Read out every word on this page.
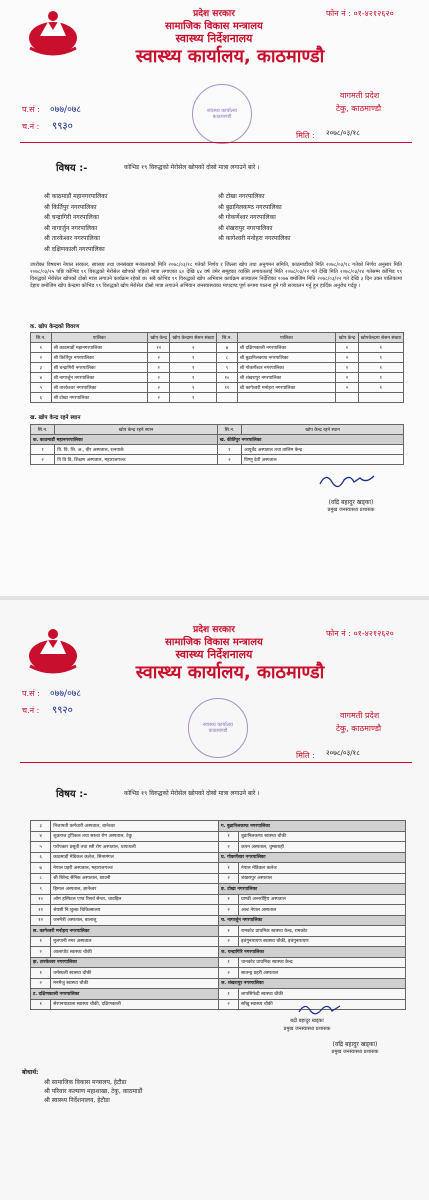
प्रदेश सरकार
सामाजिक विकास मन्त्रालय
स्वास्थ्य निर्देशनालय
स्वास्थ्य कार्यालय, काठमाण्डौ
फोन नं : ०१-४२१२६२०
वागमती प्रदेश
टेकु, काठमाण्डौ
प.सं : ०७७/०७८
च.नं : ९९३०
स्वास्थ्य कार्यालय
काठमाण्डौ
मिति : २०७८/०३/१८
विषय :-	कोभिड १९ विरुद्धको मेरोसेल खोपको दोस्रो मात्रा लगाउने बारे ।
श्री काठमाडौं महानगरपालिका
श्री किर्तिपुर नगरपालिका
श्री चन्द्रागिरी नगरपालिका
श्री नागार्जुन नगरपालिका
श्री तारकेश्वर नगरपालिका
श्री दक्षिणकाली नगरपालिका
श्री टोखा नगरपालिका
श्री बुढानिलकण्ठ नगरपालिका
श्री गोकर्णेश्वर नगरपालिका
श्री शंखरापुर नगरपालिका
श्री कागेश्वरी मनोहरा नगरपालिका
उपरोक्त विषयमा नेपाल सरकार, स्वास्थ्य तथा जनसंख्या मन्त्रालयको मिति २०७८/०३/१८ गतेको निर्णय र जिल्ला खोप तथा अनुगमन समिति, काठमाडौंको मिति २०७८/०३/१८ गतेको निर्णय अनुसार मिति २०७८/०३/२५ पछि कोभिड १९ विरुद्धको मेरोसेल खोपको पहिलो मात्रा लगाएका ६० देखि ६४ वर्ष उमेर समूहका व्यक्ति लगायतलाई मिति २०७८/०३/२२ गते देखि मिति २०७८/०३/२४ गतेसम्म कोभिड १९ विरुद्धको मेरोसेल खोपको दोस्रो मात्रा लगाउने कार्यक्रम रहेको छ। सबै कोभिड १९ विरुद्धको खोप अभियान कार्यक्रम सञ्चालन निर्देशिका २०७७ बमोजिम मिति २०७८/०३/२२ गते देखि ३ दिन उक्त पालिकामा देहाय बमोजिम खोप केन्द्रमा कोभिड १९ विरुद्धको खोप मेरोसेल दोस्रो मात्रा लगाउने अभियान जनस्वास्थ्यका मापदण्ड पूर्ण रूपमा पालना हुने गरी सञ्चालन गर्नु हुन हार्दिक अनुरोध गर्दछु ।
क. खोप केन्द्रको विवरण
सि.न.	पालिका	खोप केन्द्र	खोप केन्द्रमा सेसन संख्या	सि.न.	पालिका	खोप केन्द्र	खोपकेन्द्रमा सेसन संख्या
१	श्री काठमाडौं महानगरपालिका	१२	२	७	श्री दक्षिणकाली नगरपालिका	१	१
२	श्री किर्तिपुर नगरपालिका	२	१	८	श्री बुढानिलकण्ठ नगरपालिका	२	१
३	श्री चन्द्रागिरी नगरपालिका	२	१	९	श्री गोकर्णेश्वर नगरपालिका	२	१
४	श्री नागार्जुन नगरपालिका	२	१	१०	श्री शंखरापुर नगरपालिका	२	१
५	श्री तारकेश्वर नगरपालिका	२	१	११	श्री कागेश्वरी मनोहरा नगरपालिका	२	१
६	श्री टोखा नगरपालिका	२	१				
ख. खोप केन्द्र रहने स्थान
सि.न.	खोप केन्द्र रहने स्थान	सि.न.	खोप केन्द्र रहने स्थान
क. काठमाडौं महानगरपालिका		ख. कीर्तिपुर नगरपालिका	
१	त्रि. वि. शि. अ., वीर अस्पताल, रत्नपार्क	१	आयुर्वेद अस्पताल तथा तालिम केन्द्र
२	त्रि वि वि, शिक्षण अस्पताल, महाराजगञ्ज	२	विष्णु देवी अस्पताल
(वद्रि बहादुर खड्का)
प्रमुख जनस्वास्थ्य प्रशासक
प्रदेश सरकार
सामाजिक विकास मन्त्रालय
स्वास्थ्य निर्देशनालय
स्वास्थ्य कार्यालय, काठमाण्डौ
फोन नं : ०१-४२१२६२०
वागमती प्रदेश
टेकु, काठमाण्डौ
प.सं : ०७७/०७८
च.नं : ९९२०
स्वास्थ्य कार्यालय
काठमाण्डौ
मिति : २०७८/०३/१८
विषय :-	कोभिड १९ विरुद्धको मेरोसेल खोपको दोस्रो मात्रा लगाउने बारे ।
३	निजामती कर्मचारी अस्पताल, बानेश्वर	ग. बुढानिलकण्ठ नगरपालिका	
४	शुक्रराज ट्रपिकल तथा सरुवा रोग अस्पताल, टेकु	१	बुढानिलकण्ठ स्वास्थ्य चौकी
५	परोपकार प्रसूती तथा स्त्री रोग अस्पताल, थापाथली	२	कपन अस्पताल, धुम्बाराही
६	काठमाडौं मेडिकल कलेज, सिनामंगल	घ. गोकर्णेश्वर नगरपालिका	
७	नेपाल प्रहरी अस्पताल, महाराजगञ्ज	१	नेपाल मेडिकल कलेज
८	श्री बिरेन्द्र सैनिक अस्पताल, छाउनी	२	शंखरापुर अस्पताल
९	हिमाल अस्पताल, ज्ञानेश्वर	ङ. टोखा नगरपालिका	
१०	ओम हस्पिटल एण्ड रिसर्च सेन्टर, चावहिल	१	ग्राण्डी अन्तर्राष्ट्रिय अस्पताल
११	श्रेयष्ठी नि:शुल्क चिकित्सालय	२	अल्ट नेपाल अस्पताल
१२	जनमैत्री अस्पताल, बालाजु	च. नागार्जुन नगरपालिका	
छ. कागेश्वरी मनोहरा नगरपालिका		१	रामकोट प्राथमिक स्वास्थ्य केन्द्र, रामकोट
१	मुलपानी नगर अस्पताल	२	इचंगुनारायण स्वास्थ्य चौकी, इचंगुनारायण
२	आलापोट स्वास्थ्य चौकी	ज. चन्द्रागिरि नगरपालिका	
झ. तारकेश्वर नगरपालिका		१	थानकोट प्राथमिक स्वास्थ्य केन्द्र
१	धर्मस्थली स्वास्थ्य चौकी	२	सातन्ड्र प्रहरी अस्पताल
२	मनमैजु स्वास्थ्य चौकी	ञ. शंखरापुर नगरपालिका	
ट. दक्षिणकाली नगरपालिका		१	लापसिफेदी स्वास्थ्य चौकी
१	सेरपनयाडाला स्वास्थ्य चौकी, दक्षिणकाली	२	साँखु स्वास्थ्य चौकी
बद्री बहादुर खड्का
प्रमुख जनस्वास्थ्य प्रशासक
(वद्रि बहादुर खड्का)
प्रमुख जनस्वास्थ्य प्रशासक
बोधार्थ:
श्री सामाजिक विकास मन्त्रालय, हेटौडा
श्री परिवार कल्याण महाशाखा, टेकु, काठमाडौं
श्री स्वास्थ्य निर्देशनालय, हेटौडा
